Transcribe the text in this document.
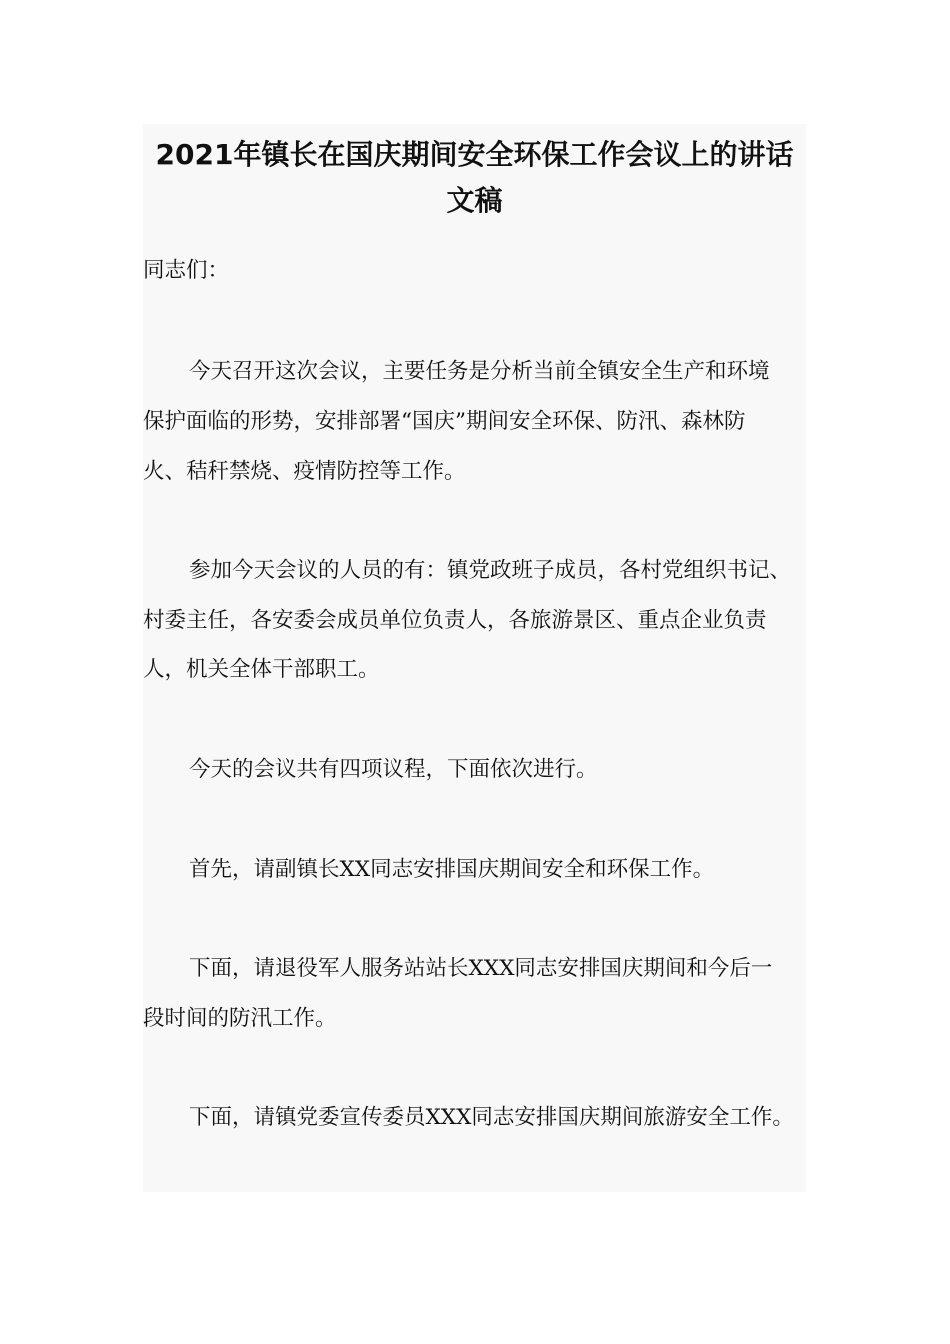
2021年镇长在国庆期间安全环保工作会议上的讲话
文稿

同志们：

今天召开这次会议，主要任务是分析当前全镇安全生产和环境

保护面临的形势，安排部署“国庆”期间安全环保、防汛、森林防

火、秸秆禁烧、疫情防控等工作。

参加今天会议的人员的有：镇党政班子成员，各村党组织书记、

村委主任，各安委会成员单位负责人，各旅游景区、重点企业负责

人，机关全体干部职工。

今天的会议共有四项议程，下面依次进行。

首先，请副镇长XX同志安排国庆期间安全和环保工作。

下面，请退役军人服务站站长XXX同志安排国庆期间和今后一

段时间的防汛工作。

下面，请镇党委宣传委员XXX同志安排国庆期间旅游安全工作。
